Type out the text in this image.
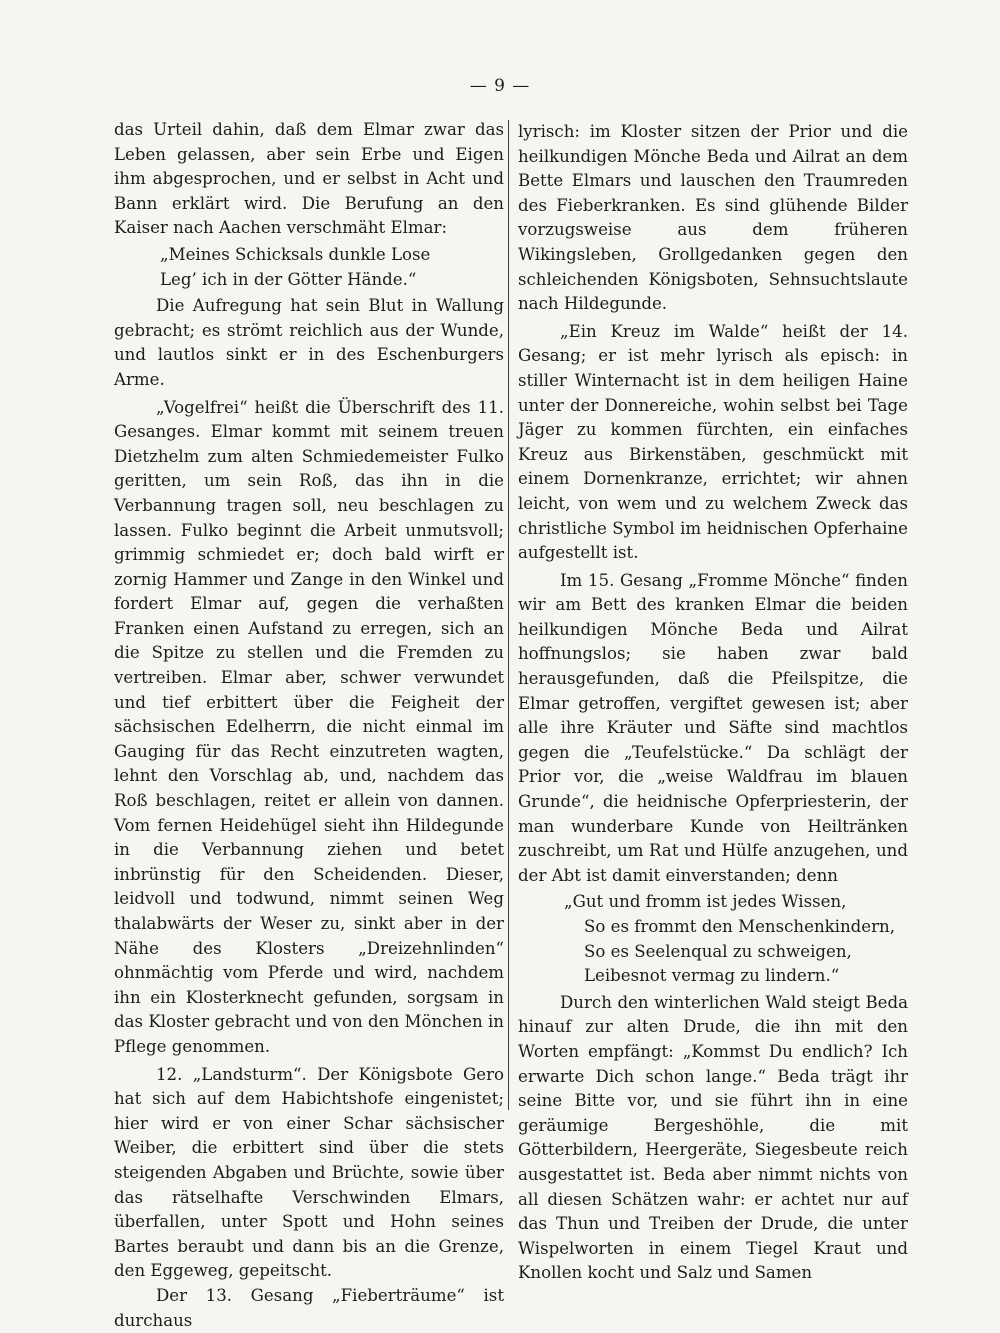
— 9 —

das Urteil dahin, daß dem Elmar zwar das Leben gelassen, aber sein Erbe und Eigen ihm abgesprochen, und er selbst in Acht und Bann erklärt wird. Die Berufung an den Kaiser nach Aachen verschmäht Elmar:

„Meines Schicksals dunkle Lose

Leg’ ich in der Götter Hände.“

Die Aufregung hat sein Blut in Wallung gebracht; es strömt reichlich aus der Wunde, und lautlos sinkt er in des Eschenburgers Arme.

„Vogelfrei“ heißt die Überschrift des 11. Gesanges. Elmar kommt mit seinem treuen Dietzhelm zum alten Schmiedemeister Fulko geritten, um sein Roß, das ihn in die Verbannung tragen soll, neu beschlagen zu lassen. Fulko beginnt die Arbeit unmutsvoll; grimmig schmiedet er; doch bald wirft er zornig Hammer und Zange in den Winkel und fordert Elmar auf, gegen die verhaßten Franken einen Aufstand zu erregen, sich an die Spitze zu stellen und die Fremden zu vertreiben. Elmar aber, schwer verwundet und tief erbittert über die Feigheit der sächsischen Edelherrn, die nicht einmal im Gauging für das Recht einzutreten wagten, lehnt den Vorschlag ab, und, nachdem das Roß beschlagen, reitet er allein von dannen. Vom fernen Heidehügel sieht ihn Hildegunde in die Verbannung ziehen und betet inbrünstig für den Scheidenden. Dieser, leidvoll und todwund, nimmt seinen Weg thalabwärts der Weser zu, sinkt aber in der Nähe des Klosters „Dreizehnlinden“ ohnmächtig vom Pferde und wird, nachdem ihn ein Klosterknecht gefunden, sorgsam in das Kloster gebracht und von den Mönchen in Pflege genommen.

12. „Landsturm“. Der Königsbote Gero hat sich auf dem Habichtshofe eingenistet; hier wird er von einer Schar sächsischer Weiber, die erbittert sind über die stets steigenden Abgaben und Brüchte, sowie über das rätselhafte Verschwinden Elmars, überfallen, unter Spott und Hohn seines Bartes beraubt und dann bis an die Grenze, den Eggeweg, gepeitscht.

Der 13. Gesang „Fieberträume“ ist durchaus

lyrisch: im Kloster sitzen der Prior und die heilkundigen Mönche Beda und Ailrat an dem Bette Elmars und lauschen den Traumreden des Fieberkranken. Es sind glühende Bilder vorzugsweise aus dem früheren Wikingsleben, Grollgedanken gegen den schleichenden Königsboten, Sehnsuchtslaute nach Hildegunde.

„Ein Kreuz im Walde“ heißt der 14. Gesang; er ist mehr lyrisch als episch: in stiller Winternacht ist in dem heiligen Haine unter der Donnereiche, wohin selbst bei Tage Jäger zu kommen fürchten, ein einfaches Kreuz aus Birkenstäben, geschmückt mit einem Dornenkranze, errichtet; wir ahnen leicht, von wem und zu welchem Zweck das christliche Symbol im heidnischen Opferhaine aufgestellt ist.

Im 15. Gesang „Fromme Mönche“ finden wir am Bett des kranken Elmar die beiden heilkundigen Mönche Beda und Ailrat hoffnungslos; sie haben zwar bald herausgefunden, daß die Pfeilspitze, die Elmar getroffen, vergiftet gewesen ist; aber alle ihre Kräuter und Säfte sind machtlos gegen die „Teufelstücke.“ Da schlägt der Prior vor, die „weise Waldfrau im blauen Grunde“, die heidnische Opferpriesterin, der man wunderbare Kunde von Heiltränken zuschreibt, um Rat und Hülfe anzugehen, und der Abt ist damit einverstanden; denn

„Gut und fromm ist jedes Wissen,

So es frommt den Menschenkindern,

So es Seelenqual zu schweigen,

Leibesnot vermag zu lindern.“

Durch den winterlichen Wald steigt Beda hinauf zur alten Drude, die ihn mit den Worten empfängt: „Kommst Du endlich? Ich erwarte Dich schon lange.“ Beda trägt ihr seine Bitte vor, und sie führt ihn in eine geräumige Bergeshöhle, die mit Götterbildern, Heergeräte, Siegesbeute reich ausgestattet ist. Beda aber nimmt nichts von all diesen Schätzen wahr: er achtet nur auf das Thun und Treiben der Drude, die unter Wispelworten in einem Tiegel Kraut und Knollen kocht und Salz und Samen
